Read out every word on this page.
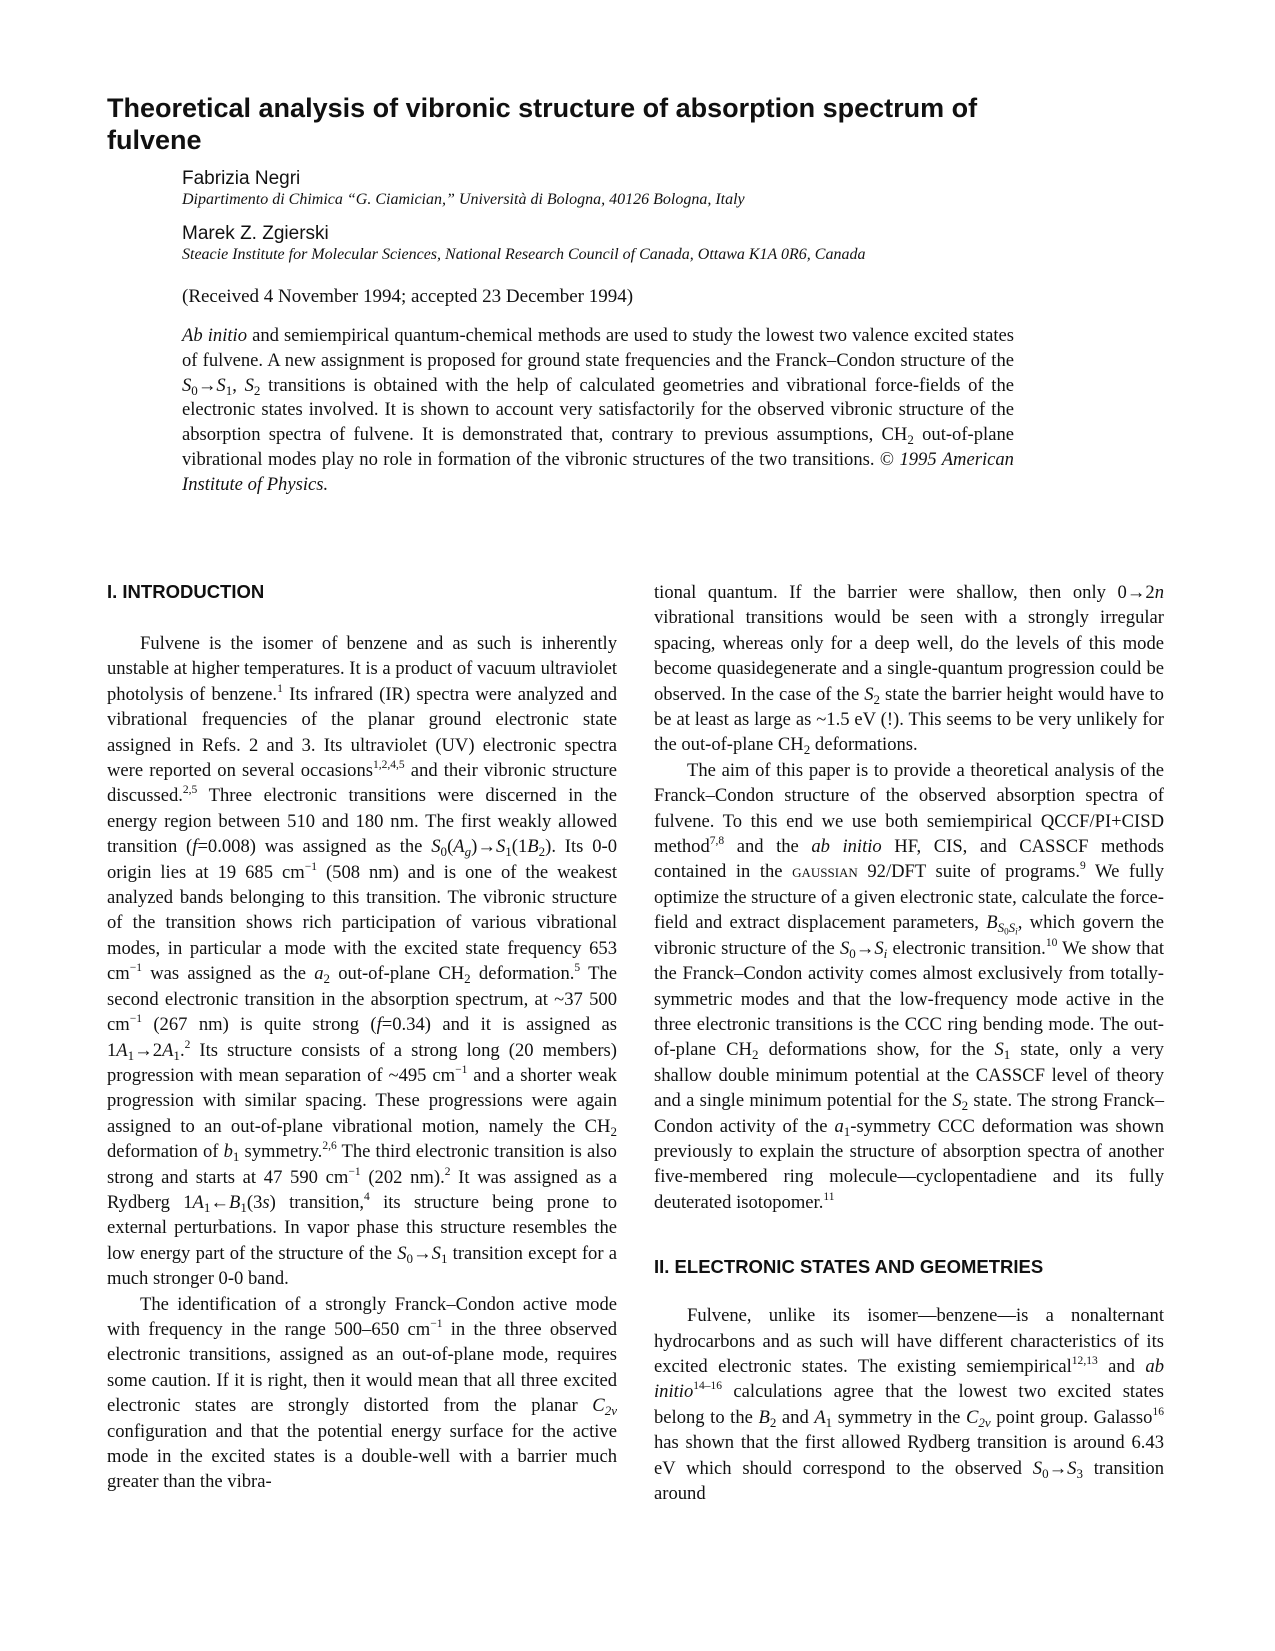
Theoretical analysis of vibronic structure of absorption spectrum of fulvene
Fabrizia Negri
Dipartimento di Chimica “G. Ciamician,” Università di Bologna, 40126 Bologna, Italy
Marek Z. Zgierski
Steacie Institute for Molecular Sciences, National Research Council of Canada, Ottawa K1A 0R6, Canada
(Received 4 November 1994; accepted 23 December 1994)

Ab initio and semiempirical quantum-chemical methods are used to study the lowest two valence excited states of fulvene. A new assignment is proposed for ground state frequencies and the Franck–Condon structure of the $S_0\to S_1$, $S_2$ transitions is obtained with the help of calculated geometries and vibrational force-fields of the electronic states involved. It is shown to account very satisfactorily for the observed vibronic structure of the absorption spectra of fulvene. It is demonstrated that, contrary to previous assumptions, $CH_2$ out-of-plane vibrational modes play no role in formation of the vibronic structures of the two transitions. © 1995 American Institute of Physics.

I. INTRODUCTION

Fulvene is the isomer of benzene and as such is inherently unstable at higher temperatures. It is a product of vacuum ultraviolet photolysis of benzene.$^1$ Its infrared (IR) spectra were analyzed and vibrational frequencies of the planar ground electronic state assigned in Refs. 2 and 3. Its ultraviolet (UV) electronic spectra were reported on several occasions$^{1,2,4,5}$ and their vibronic structure discussed.$^{2,5}$ Three electronic transitions were discerned in the energy region between 510 and 180 nm. The first weakly allowed transition (f=0.008) was assigned as the $S_0(A_g)\to S_1(1B_2)$. Its 0-0 origin lies at 19 685 $cm^{-1}$ (508 nm) and is one of the weakest analyzed bands belonging to this transition. The vibronic structure of the transition shows rich participation of various vibrational modes, in particular a mode with the excited state frequency 653 $cm^{-1}$ was assigned as the $a_2$ out-of-plane $CH_2$ deformation.$^5$ The second electronic transition in the absorption spectrum, at ~37 500 $cm^{-1}$ (267 nm) is quite strong (f=0.34) and it is assigned as $1A_1\to 2A_1.^2$ Its structure consists of a strong long (20 members) progression with mean separation of ~495 $cm^{-1}$ and a shorter weak progression with similar spacing. These progressions were again assigned to an out-of-plane vibrational motion, namely the $CH_2$ deformation of $b_1$ symmetry.$^{2,6}$ The third electronic transition is also strong and starts at 47 590 $cm^{-1}$ (202 nm).$^2$ It was assigned as a Rydberg $1A_1\leftarrow B_1(3s)$ transition,$^4$ its structure being prone to external perturbations. In vapor phase this structure resembles the low energy part of the structure of the $S_0\to S_1$ transition except for a much stronger 0-0 band.

The identification of a strongly Franck–Condon active mode with frequency in the range 500–650 $cm^{-1}$ in the three observed electronic transitions, assigned as an out-of-plane mode, requires some caution. If it is right, then it would mean that all three excited electronic states are strongly distorted from the planar $C_{2v}$ configuration and that the potential energy surface for the active mode in the excited states is a double-well with a barrier much greater than the vibra-

tional quantum. If the barrier were shallow, then only 0→2n vibrational transitions would be seen with a strongly irregular spacing, whereas only for a deep well, do the levels of this mode become quasidegenerate and a single-quantum progression could be observed. In the case of the $S_2$ state the barrier height would have to be at least as large as ~1.5 eV (!). This seems to be very unlikely for the out-of-plane $CH_2$ deformations.

The aim of this paper is to provide a theoretical analysis of the Franck–Condon structure of the observed absorption spectra of fulvene. To this end we use both semiempirical QCCF/PI+CISD method$^{7,8}$ and the ab initio HF, CIS, and CASSCF methods contained in the gaussian 92/DFT suite of programs.$^9$ We fully optimize the structure of a given electronic state, calculate the force-field and extract displacement parameters, $B_{S_0S_i}$, which govern the vibronic structure of the $S_0\to S_i$ electronic transition.$^{10}$ We show that the Franck–Condon activity comes almost exclusively from totally-symmetric modes and that the low-frequency mode active in the three electronic transitions is the CCC ring bending mode. The out-of-plane $CH_2$ deformations show, for the $S_1$ state, only a very shallow double minimum potential at the CASSCF level of theory and a single minimum potential for the $S_2$ state. The strong Franck–Condon activity of the $a_1$-symmetry CCC deformation was shown previously to explain the structure of absorption spectra of another five-membered ring molecule—cyclopentadiene and its fully deuterated isotopomer.$^{11}$

II. ELECTRONIC STATES AND GEOMETRIES

Fulvene, unlike its isomer—benzene—is a nonalternant hydrocarbons and as such will have different characteristics of its excited electronic states. The existing semiempirical$^{12,13}$ and ab initio$^{14-16}$ calculations agree that the lowest two excited states belong to the $B_2$ and $A_1$ symmetry in the $C_{2v}$ point group. Galasso$^{16}$ has shown that the first allowed Rydberg transition is around 6.43 eV which should correspond to the observed $S_0\to S_3$ transition around
